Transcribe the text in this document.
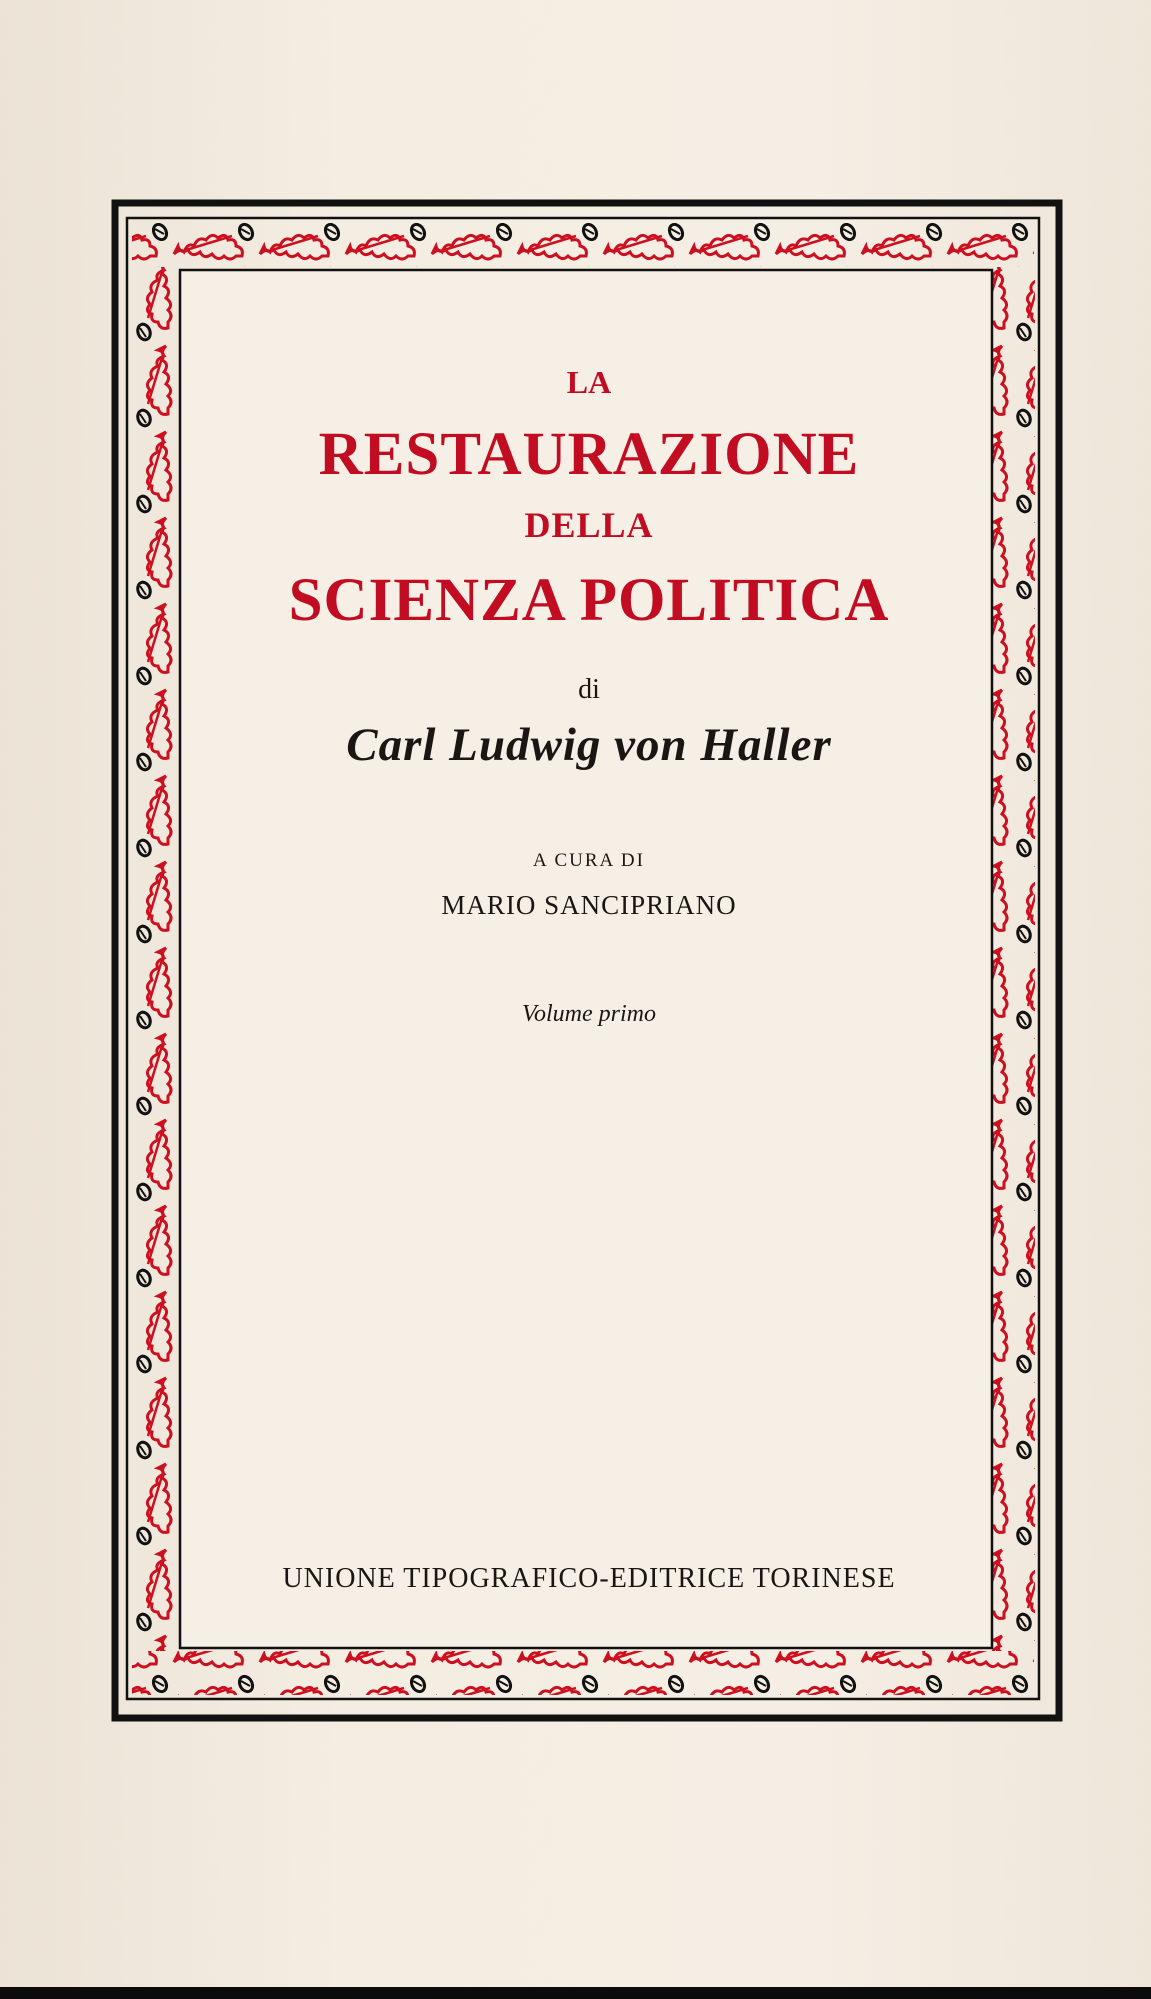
LA
RESTAURAZIONE
DELLA
SCIENZA POLITICA
di
Carl Ludwig von Haller
A CURA DI
MARIO SANCIPRIANO
Volume primo
UNIONE TIPOGRAFICO-EDITRICE TORINESE
